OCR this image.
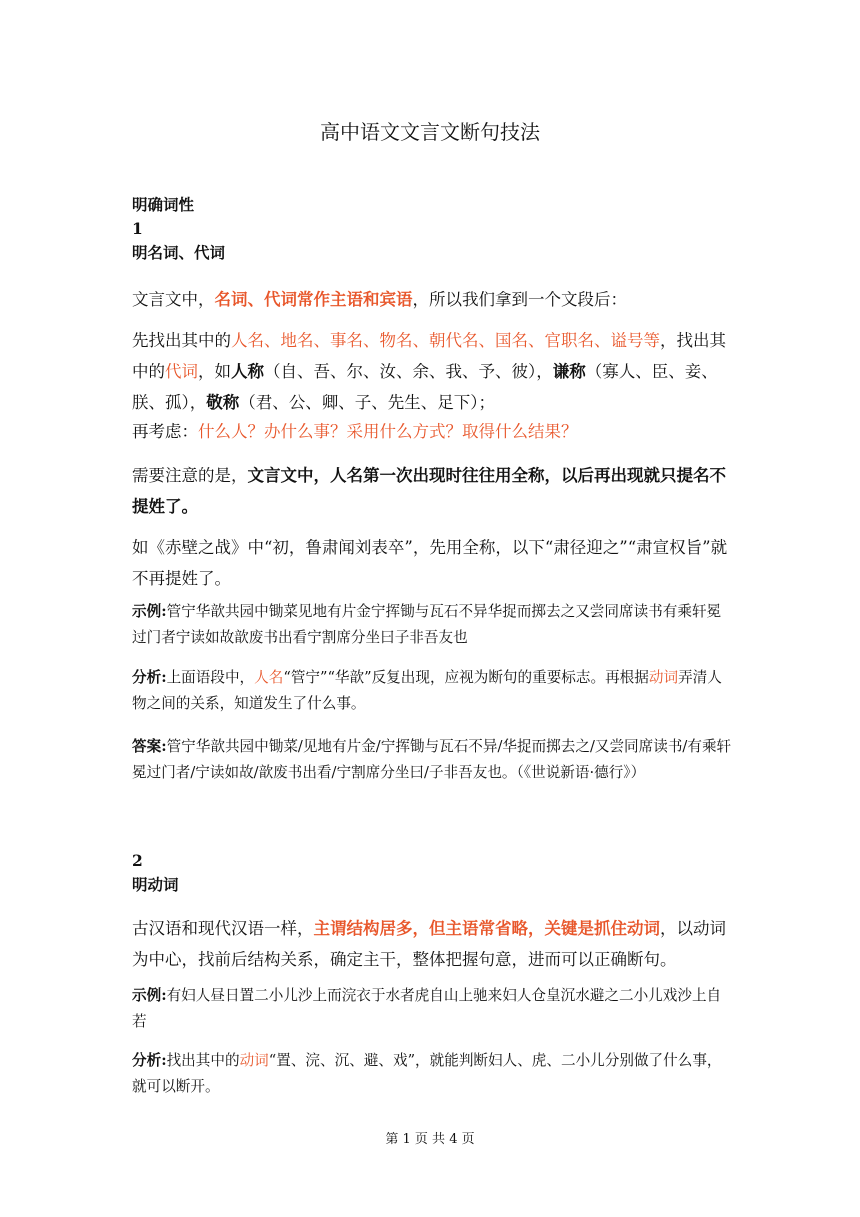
高中语文文言文断句技法

明确词性

1

明名词、代词

文言文中，名词、代词常作主语和宾语，所以我们拿到一个文段后：

先找出其中的人名、地名、事名、物名、朝代名、国名、官职名、谥号等，找出其中的代词，如人称（自、吾、尔、汝、余、我、予、彼），谦称（寡人、臣、妾、朕、孤），敬称（君、公、卿、子、先生、足下）；

再考虑：什么人？办什么事？采用什么方式？取得什么结果？

需要注意的是，文言文中，人名第一次出现时往往用全称，以后再出现就只提名不提姓了。

如《赤壁之战》中“初，鲁肃闻刘表卒”，先用全称，以下“肃径迎之”“肃宣权旨”就不再提姓了。

示例:管宁华歆共园中锄菜见地有片金宁挥锄与瓦石不异华捉而掷去之又尝同席读书有乘轩冕过门者宁读如故歆废书出看宁割席分坐曰子非吾友也

分析:上面语段中，人名“管宁”“华歆”反复出现，应视为断句的重要标志。再根据动词弄清人物之间的关系，知道发生了什么事。

答案:管宁华歆共园中锄菜/见地有片金/宁挥锄与瓦石不异/华捉而掷去之/又尝同席读书/有乘轩冕过门者/宁读如故/歆废书出看/宁割席分坐曰/子非吾友也。（《世说新语·德行》）

2

明动词

古汉语和现代汉语一样，主谓结构居多，但主语常省略，关键是抓住动词，以动词为中心，找前后结构关系，确定主干，整体把握句意，进而可以正确断句。

示例:有妇人昼日置二小儿沙上而浣衣于水者虎自山上驰来妇人仓皇沉水避之二小儿戏沙上自若

分析:找出其中的动词“置、浣、沉、避、戏”，就能判断妇人、虎、二小儿分别做了什么事，就可以断开。

第 1 页 共 4 页
